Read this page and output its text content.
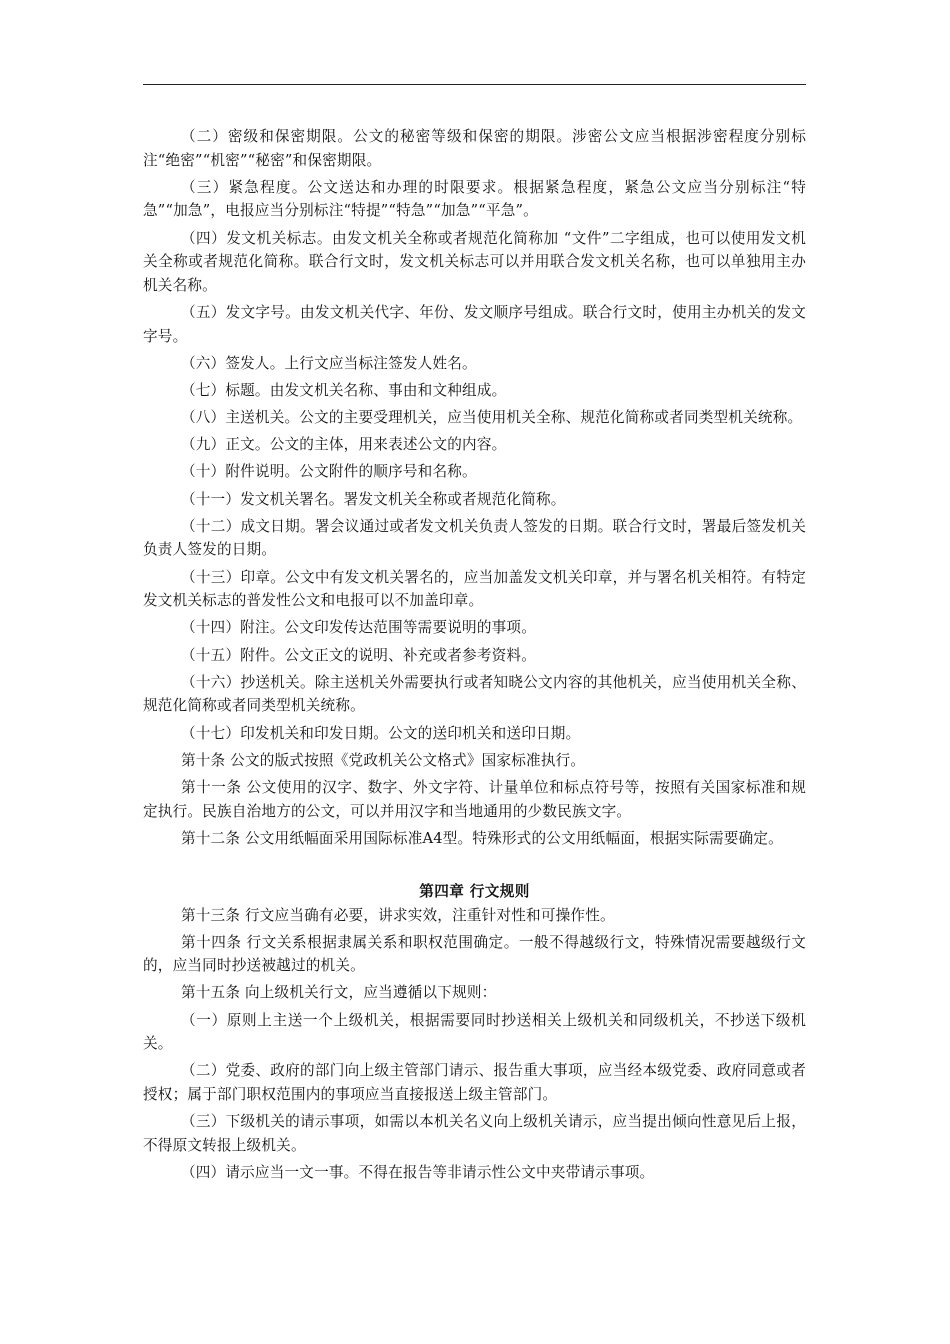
（二）密级和保密期限。公文的秘密等级和保密的期限。涉密公文应当根据涉密程度分别标注“绝密”“机密”“秘密”和保密期限。

（三）紧急程度。公文送达和办理的时限要求。根据紧急程度，紧急公文应当分别标注“特急”“加急”，电报应当分别标注“特提”“特急”“加急”“平急”。

（四）发文机关标志。由发文机关全称或者规范化简称加 “文件”二字组成，也可以使用发文机关全称或者规范化简称。联合行文时，发文机关标志可以并用联合发文机关名称，也可以单独用主办机关名称。

（五）发文字号。由发文机关代字、年份、发文顺序号组成。联合行文时，使用主办机关的发文字号。

（六）签发人。上行文应当标注签发人姓名。

（七）标题。由发文机关名称、事由和文种组成。

（八）主送机关。公文的主要受理机关，应当使用机关全称、规范化简称或者同类型机关统称。

（九）正文。公文的主体，用来表述公文的内容。

（十）附件说明。公文附件的顺序号和名称。

（十一）发文机关署名。署发文机关全称或者规范化简称。

（十二）成文日期。署会议通过或者发文机关负责人签发的日期。联合行文时，署最后签发机关负责人签发的日期。

（十三）印章。公文中有发文机关署名的，应当加盖发文机关印章，并与署名机关相符。有特定发文机关标志的普发性公文和电报可以不加盖印章。

（十四）附注。公文印发传达范围等需要说明的事项。

（十五）附件。公文正文的说明、补充或者参考资料。

（十六）抄送机关。除主送机关外需要执行或者知晓公文内容的其他机关，应当使用机关全称、规范化简称或者同类型机关统称。

（十七）印发机关和印发日期。公文的送印机关和送印日期。

第十条 公文的版式按照《党政机关公文格式》国家标准执行。

第十一条 公文使用的汉字、数字、外文字符、计量单位和标点符号等，按照有关国家标准和规定执行。民族自治地方的公文，可以并用汉字和当地通用的少数民族文字。

第十二条 公文用纸幅面采用国际标准A4型。特殊形式的公文用纸幅面，根据实际需要确定。

第四章 行文规则

第十三条 行文应当确有必要，讲求实效，注重针对性和可操作性。

第十四条 行文关系根据隶属关系和职权范围确定。一般不得越级行文，特殊情况需要越级行文的，应当同时抄送被越过的机关。

第十五条 向上级机关行文，应当遵循以下规则：

（一）原则上主送一个上级机关，根据需要同时抄送相关上级机关和同级机关，不抄送下级机关。

（二）党委、政府的部门向上级主管部门请示、报告重大事项，应当经本级党委、政府同意或者授权；属于部门职权范围内的事项应当直接报送上级主管部门。

（三）下级机关的请示事项，如需以本机关名义向上级机关请示，应当提出倾向性意见后上报，不得原文转报上级机关。

（四）请示应当一文一事。不得在报告等非请示性公文中夹带请示事项。
